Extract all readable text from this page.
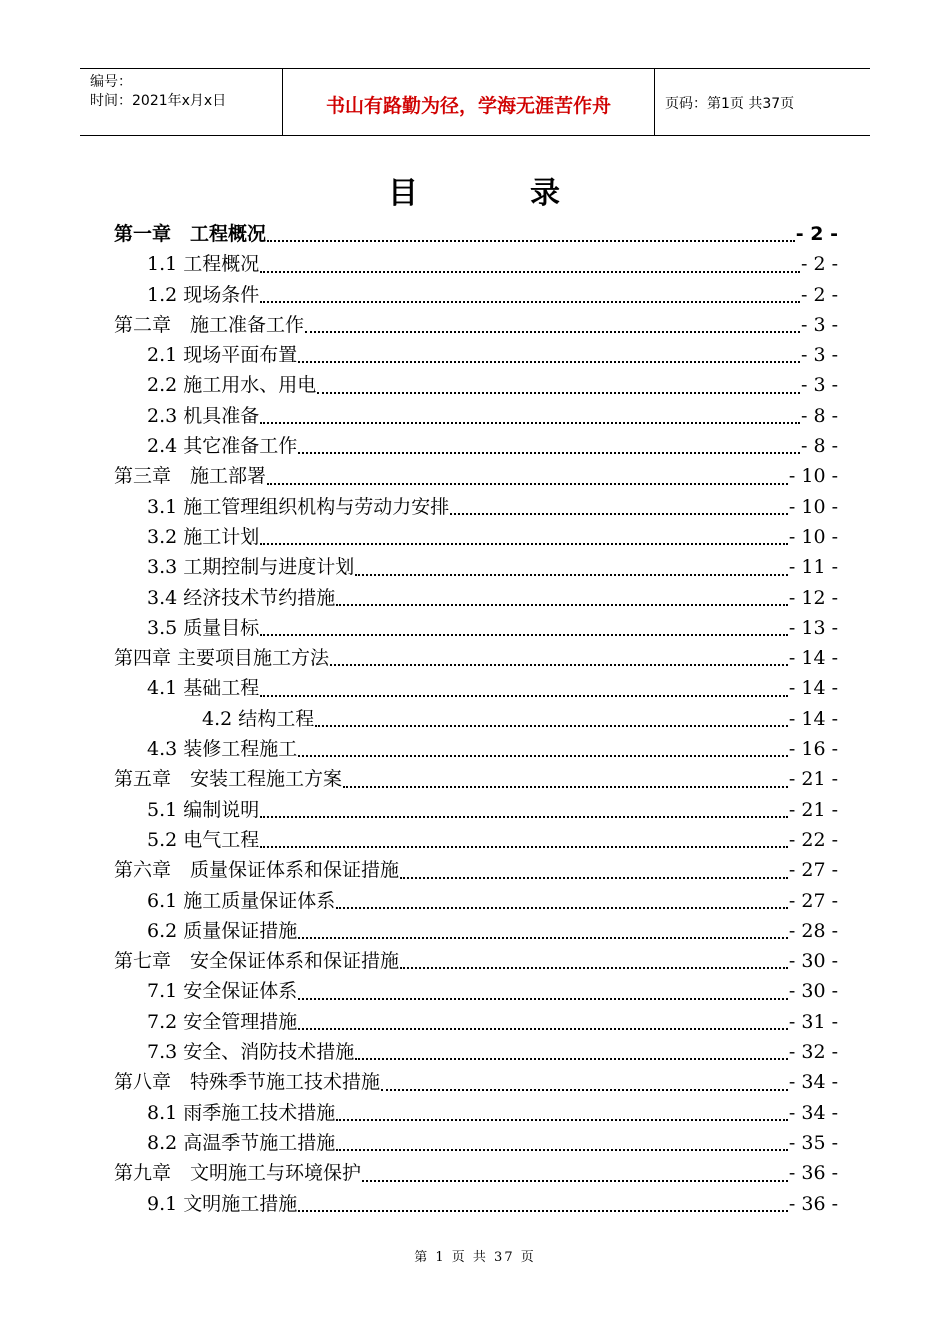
编号：
时间：2021年x月x日	书山有路勤为径，学海无涯苦作舟	页码：第1页 共37页
目	录
第一章　工程概况	- 2 -
1.1 工程概况	- 2 -
1.2 现场条件	- 2 -
第二章　施工准备工作	- 3 -
2.1 现场平面布置	- 3 -
2.2 施工用水、用电	- 3 -
2.3 机具准备	- 8 -
2.4 其它准备工作	- 8 -
第三章　施工部署	- 10 -
3.1 施工管理组织机构与劳动力安排	- 10 -
3.2 施工计划	- 10 -
3.3 工期控制与进度计划	- 11 -
3.4 经济技术节约措施	- 12 -
3.5 质量目标	- 13 -
第四章 主要项目施工方法	- 14 -
4.1 基础工程	- 14 -
4.2 结构工程	- 14 -
4.3 装修工程施工	- 16 -
第五章　安装工程施工方案	- 21 -
5.1 编制说明	- 21 -
5.2 电气工程	- 22 -
第六章　质量保证体系和保证措施	- 27 -
6.1 施工质量保证体系	- 27 -
6.2 质量保证措施	- 28 -
第七章　安全保证体系和保证措施	- 30 -
7.1 安全保证体系	- 30 -
7.2 安全管理措施	- 31 -
7.3 安全、消防技术措施	- 32 -
第八章　特殊季节施工技术措施	- 34 -
8.1 雨季施工技术措施	- 34 -
8.2 高温季节施工措施	- 35 -
第九章　文明施工与环境保护	- 36 -
9.1 文明施工措施	- 36 -
第 1 页 共 37 页
